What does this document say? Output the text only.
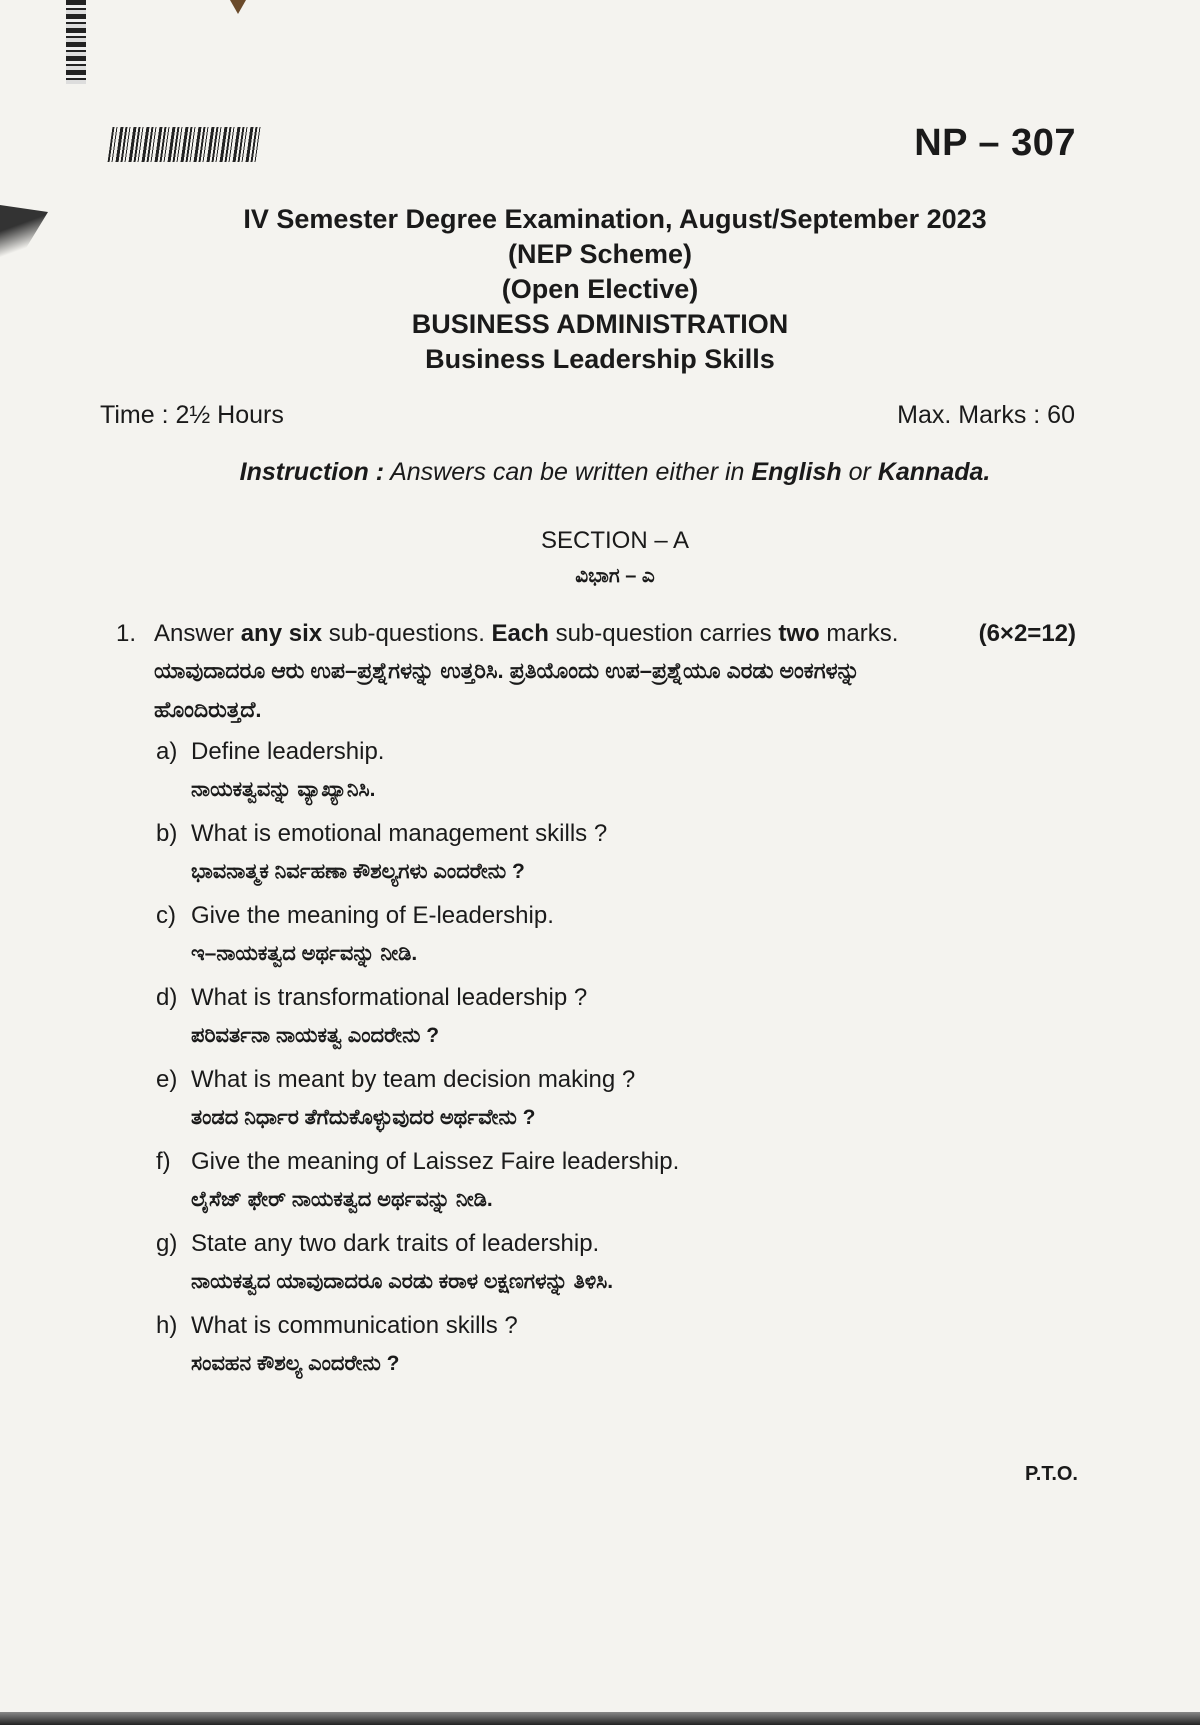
NP – 307
IV Semester Degree Examination, August/September 2023
(NEP Scheme)
(Open Elective)
BUSINESS ADMINISTRATION
Business Leadership Skills
Time : 2½ Hours	Max. Marks : 60
Instruction : Answers can be written either in English or Kannada.
SECTION – A
ವಿಭಾಗ – ಎ
1. Answer any six sub-questions. Each sub-question carries two marks.	(6×2=12)
ಯಾವುದಾದರೂ ಆರು ಉಪ–ಪ್ರಶ್ನೆಗಳನ್ನು ಉತ್ತರಿಸಿ. ಪ್ರತಿಯೊಂದು ಉಪ–ಪ್ರಶ್ನೆಯೂ ಎರಡು ಅಂಕಗಳನ್ನು
ಹೊಂದಿರುತ್ತದೆ.
a) Define leadership.
ನಾಯಕತ್ವವನ್ನು ವ್ಯಾಖ್ಯಾನಿಸಿ.
b) What is emotional management skills ?
ಭಾವನಾತ್ಮಕ ನಿರ್ವಹಣಾ ಕೌಶಲ್ಯಗಳು ಎಂದರೇನು ?
c) Give the meaning of E-leadership.
ಇ–ನಾಯಕತ್ವದ ಅರ್ಥವನ್ನು ನೀಡಿ.
d) What is transformational leadership ?
ಪರಿವರ್ತನಾ ನಾಯಕತ್ವ ಎಂದರೇನು ?
e) What is meant by team decision making ?
ತಂಡದ ನಿರ್ಧಾರ ತೆಗೆದುಕೊಳ್ಳುವುದರ ಅರ್ಥವೇನು ?
f) Give the meaning of Laissez Faire leadership.
ಲೈಸೆಜ್ ಫೇರ್ ನಾಯಕತ್ವದ ಅರ್ಥವನ್ನು ನೀಡಿ.
g) State any two dark traits of leadership.
ನಾಯಕತ್ವದ ಯಾವುದಾದರೂ ಎರಡು ಕರಾಳ ಲಕ್ಷಣಗಳನ್ನು ತಿಳಿಸಿ.
h) What is communication skills ?
ಸಂವಹನ ಕೌಶಲ್ಯ ಎಂದರೇನು ?
P.T.O.
